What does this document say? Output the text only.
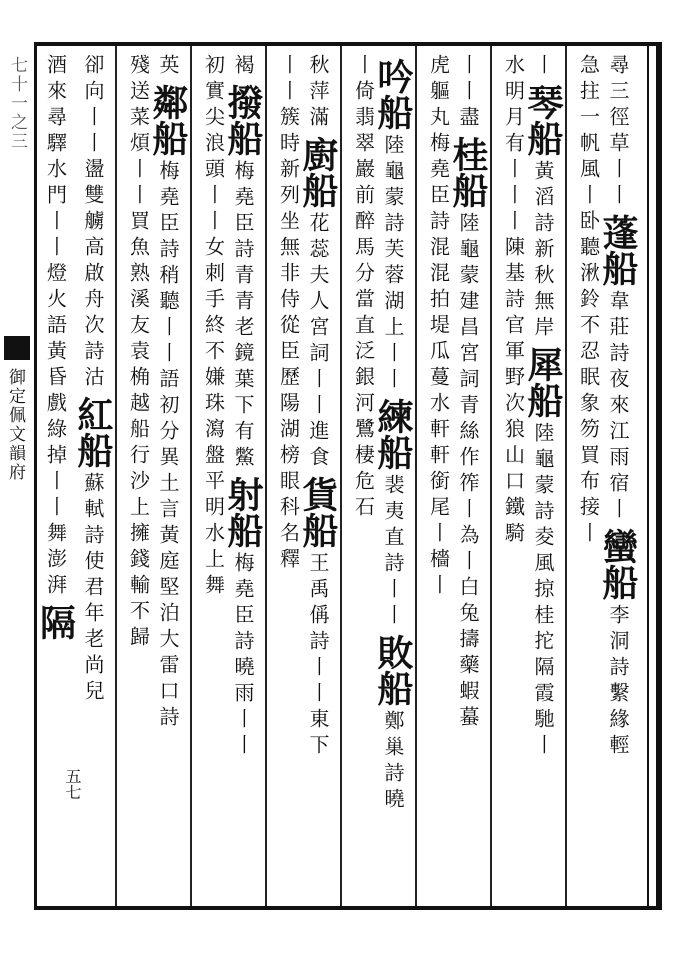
七十一之三
御定佩文韻府
五七
尋三徑草丨丨蓬船韋莊詩夜來江雨宿丨蠻船李洞詩繫緣輕
急拄一帆風丨卧聽湫鈴不忍眠象笏買布接丨
丨琴船黃滔詩新秋無岸犀船陸龜蒙詩夌風掠桂拕隔霞馳丨
水明月有丨丨丨陳基詩官軍野次狼山口鐵騎
丨丨盡桂船陸龜蒙建昌宮詞青絲作筰丨為丨白兔擣藥蝦蟇
虎軀丸梅堯臣詩混混拍堤瓜蔓水軒軒銜尾丨檣丨
吟船陸龜蒙詩芙蓉湖上丨丨練船裴夷直詩丨丨敗船鄭巢詩曉
丨倚翡翠巖前醉馬分當直泛銀河鷺棲危石
秋萍滿廚船花蕊夫人宮詞丨丨進食貨船王禹偁詩丨丨東下
丨丨簇時新列坐無非侍從臣歷陽湖榜眼科名釋
褐撥船梅堯臣詩青青老鏡葉下有鱉射船梅堯臣詩曉雨丨丨
初實尖浪頭丨丨女刺手終不嫌珠瀉盤平明水上舞
英鄰船梅堯臣詩稍聽丨丨語初分異土言黃庭堅泊大雷口詩
殘送菜煩丨丨買魚熟溪友袁桷越船行沙上擁錢輸不歸
卻向丨丨盪雙艣高啟舟次詩沽紅船蘇軾詩使君年老尚兒
酒來尋驛水門丨丨燈火語黃昏戲綠掉丨丨舞澎湃隔
